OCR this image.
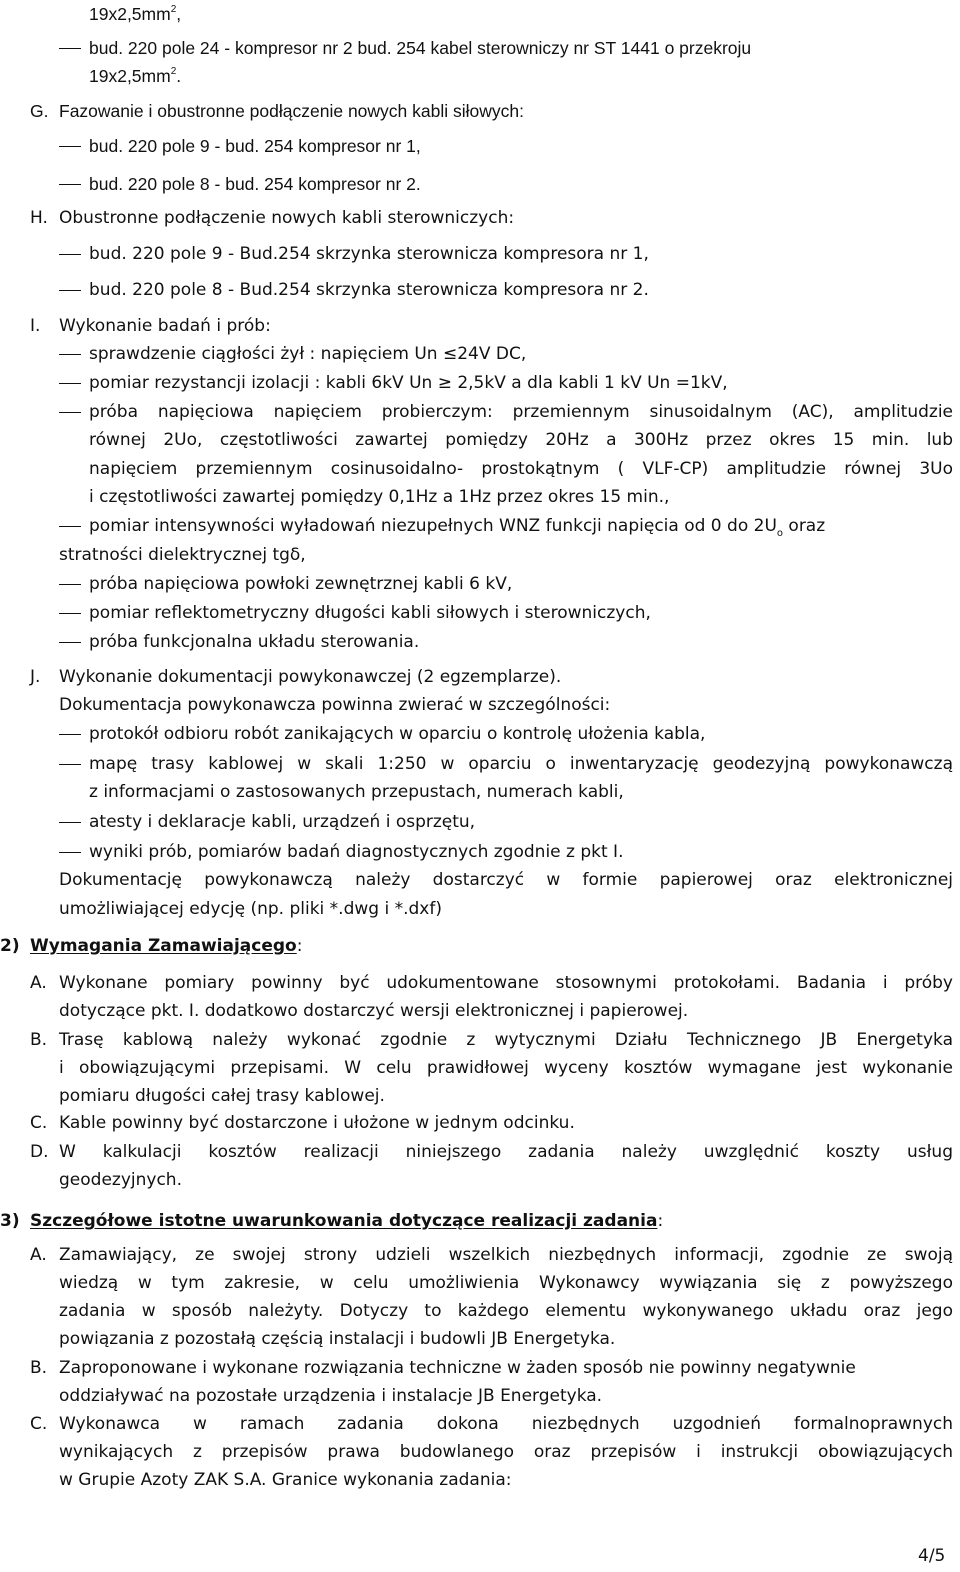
$19x2,5mm^2$,
bud. 220 pole 24 - kompresor nr 2 bud. 254 kabel sterowniczy nr ST 1441 o przekroju
$19x2,5mm^2$.
G. Fazowanie i obustronne podłączenie nowych kabli siłowych:
bud. 220 pole 9 - bud. 254 kompresor nr 1,
bud. 220 pole 8 - bud. 254 kompresor nr 2.
H. Obustronne podłączenie nowych kabli sterowniczych:
bud. 220 pole 9 - Bud.254 skrzynka sterownicza kompresora nr 1,
bud. 220 pole 8 - Bud.254 skrzynka sterownicza kompresora nr 2.
I. Wykonanie badań i prób:
sprawdzenie ciągłości żył : napięciem Un ≤24V DC,
pomiar rezystancji izolacji : kabli 6kV Un ≥ 2,5kV a dla kabli 1 kV Un =1kV,
próba napięciowa napięciem probierczym: przemiennym sinusoidalnym (AC), amplitudzie
równej 2Uo, częstotliwości zawartej pomiędzy 20Hz a 300Hz przez okres 15 min. lub
napięciem przemiennym cosinusoidalno- prostokątnym ( VLF-CP) amplitudzie równej 3Uo
i częstotliwości zawartej pomiędzy 0,1Hz a 1Hz przez okres 15 min.,
pomiar intensywności wyładowań niezupełnych WNZ funkcji napięcia od 0 do $2U_o$ oraz
stratności dielektrycznej tgδ,
próba napięciowa powłoki zewnętrznej kabli 6 kV,
pomiar reflektometryczny długości kabli siłowych i sterowniczych,
próba funkcjonalna układu sterowania.
J. Wykonanie dokumentacji powykonawczej (2 egzemplarze).
Dokumentacja powykonawcza powinna zwierać w szczególności:
protokół odbioru robót zanikających w oparciu o kontrolę ułożenia kabla,
mapę trasy kablowej w skali 1:250 w oparciu o inwentaryzację geodezyjną powykonawczą
z informacjami o zastosowanych przepustach, numerach kabli,
atesty i deklaracje kabli, urządzeń i osprzętu,
wyniki prób, pomiarów badań diagnostycznych zgodnie z pkt I.
Dokumentację powykonawczą należy dostarczyć w formie papierowej oraz elektronicznej
umożliwiającej edycję (np. pliki *.dwg i *.dxf)
2) Wymagania Zamawiającego:
A. Wykonane pomiary powinny być udokumentowane stosownymi protokołami. Badania i próby
dotyczące pkt. I. dodatkowo dostarczyć wersji elektronicznej i papierowej.
B. Trasę kablową należy wykonać zgodnie z wytycznymi Działu Technicznego JB Energetyka
i obowiązującymi przepisami. W celu prawidłowej wyceny kosztów wymagane jest wykonanie
pomiaru długości całej trasy kablowej.
C. Kable powinny być dostarczone i ułożone w jednym odcinku.
D. W kalkulacji kosztów realizacji niniejszego zadania należy uwzględnić koszty usług
geodezyjnych.
3) Szczegółowe istotne uwarunkowania dotyczące realizacji zadania:
A. Zamawiający, ze swojej strony udzieli wszelkich niezbędnych informacji, zgodnie ze swoją
wiedzą w tym zakresie, w celu umożliwienia Wykonawcy wywiązania się z powyższego
zadania w sposób należyty. Dotyczy to każdego elementu wykonywanego układu oraz jego
powiązania z pozostałą częścią instalacji i budowli JB Energetyka.
B. Zaproponowane i wykonane rozwiązania techniczne w żaden sposób nie powinny negatywnie
oddziaływać na pozostałe urządzenia i instalacje JB Energetyka.
C. Wykonawca w ramach zadania dokona niezbędnych uzgodnień formalnoprawnych
wynikających z przepisów prawa budowlanego oraz przepisów i instrukcji obowiązujących
w Grupie Azoty ZAK S.A. Granice wykonania zadania:
4/5
